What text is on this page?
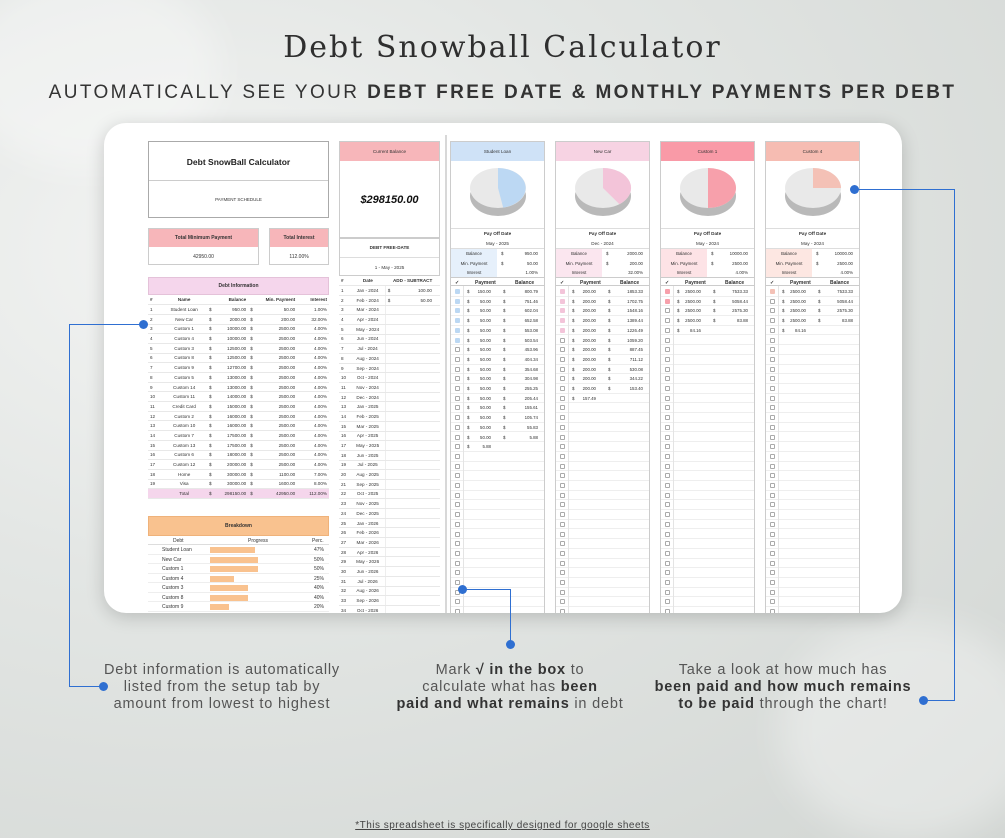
Debt Snowball Calculator
AUTOMATICALLY SEE YOUR DEBT FREE DATE & MONTHLY PAYMENTS PER DEBT
Debt SnowBall Calculator
PAYMENT SCHEDULE
Total Minimum Payment
42950.00
Total Interest
112.00%
Debt Information
#	Name	Balance	Min. Payment	Interest
1	Student Loan	$ 950.00	$ 50.00	1.00%
2	New Car	$ 2000.00	$ 200.00	32.00%
3	Custom 1	$ 10000.00	$ 2500.00	4.00%
4	Custom 4	$ 10000.00	$ 2500.00	4.00%
5	Custom 3	$ 12500.00	$ 2500.00	4.00%
6	Custom 8	$ 12500.00	$ 2500.00	4.00%
7	Custom 9	$ 12700.00	$ 2500.00	4.00%
8	Custom 5	$ 13000.00	$ 2500.00	4.00%
9	Custom 14	$ 13000.00	$ 2500.00	4.00%
10	Custom 11	$ 14000.00	$ 2500.00	4.00%
11	Credit Card	$ 15000.00	$ 2500.00	4.00%
12	Custom 2	$ 16000.00	$ 2500.00	4.00%
13	Custom 10	$ 16000.00	$ 2500.00	4.00%
14	Custom 7	$ 17500.00	$ 2500.00	4.00%
15	Custom 13	$ 17500.00	$ 2500.00	4.00%
16	Custom 6	$ 18000.00	$ 2500.00	4.00%
17	Custom 12	$ 20000.00	$ 2500.00	4.00%
18	Home	$ 30000.00	$ 1100.00	7.00%
19	Visa	$ 30000.00	$ 1600.00	8.00%
	Total	$ 298150.00	$ 42950.00	112.00%
Breakdown
Debt	Progress	Perc.
Student Loan	47%
New Car	50%
Custom 1	50%
Custom 4	25%
Custom 3	40%
Custom 8	40%
Custom 9	20%
Current Balance
$298150.00
DEBT FREE-DATE
1 - May - 2025
#	Date	ADD - SUBTRACT
1	Jan - 2024	$ 100.00

2	Feb - 2024	$ 50.00

3	Mar - 2024	
4	Apr - 2024	
5	May - 2024	
6	Jun - 2024	
7	Jul - 2024	
8	Aug - 2024	
9	Sep - 2024	
10	Oct - 2024	
11	Nov - 2024	
12	Dec - 2024	
13	Jan - 2025	
14	Feb - 2025	
15	Mar - 2025	
16	Apr - 2025	
17	May - 2025	
18	Jun - 2025	
19	Jul - 2025	
20	Aug - 2025	
21	Sep - 2025	
22	Oct - 2025	
23	Nov - 2025	
24	Dec - 2025	
25	Jan - 2026	
26	Feb - 2026	
27	Mar - 2026	
28	Apr - 2026	
29	May - 2026	
30	Jun - 2026	
31	Jul - 2026	
32	Aug - 2026	
33	Sep - 2026	
34	Oct - 2026	
Student Loan
Pay Off Date
May - 2025
Balance
Min. Payment
Interest
$	950.00
$	50.00
1.00%
✓	Payment	Balance
$ 150.00	$	800.79
$ 50.00	$	751.46
$ 50.00	$	602.04
$ 50.00	$	652.58
$ 50.00	$	553.08
$ 50.00	$	503.54
$ 50.00	$	453.96
$ 50.00	$	404.34
$ 50.00	$	354.68
$ 50.00	$	304.98
$ 50.00	$	255.25
$ 50.00	$	205.44
$ 50.00	$	155.61
$ 50.00	$	105.74
$ 50.00	$	55.83
$ 50.00	$	5.88
$	5.88
New Car
Pay Off Date
Dec - 2024
Balance
Min. Payment
Interest
$	2000.00
$	200.00
32.00%
✓	Payment	Balance
$ 200.00	$	1853.33
$ 200.00	$	1702.75
$ 200.00	$	1548.16
$ 200.00	$	1389.44
$ 200.00	$	1226.49
$ 200.00	$	1059.20
$ 200.00	$	887.45
$ 200.00	$	711.12
$ 200.00	$	530.08
$ 200.00	$	344.22
$ 200.00	$	153.40
$ 157.49
Custom 1
Pay Off Date
May - 2024
Balance
Min. Payment
Interest
$	10000.00
$	2500.00
4.00%
✓	Payment	Balance
$ 2500.00	$	7533.33
$ 2500.00	$	5058.44
$ 2500.00	$	2575.30
$ 2500.00	$	83.88
$ 84.16
Custom 4
Pay Off Date
May - 2024
Balance
Min. Payment
Interest
$	10000.00
$	2500.00
4.00%
✓	Payment	Balance
$ 2500.00	$	7533.33
$ 2500.00	$	5058.44
$ 2500.00	$	2575.30
$ 2500.00	$	83.88
$ 84.16
Debt information is automatically
listed from the setup tab by
amount from lowest to highest
Mark √ in the box to
calculate what has been
paid and what remains in debt
Take a look at how much has
been paid and how much remains
to be paid through the chart!
*This spreadsheet is specifically designed for google sheets
